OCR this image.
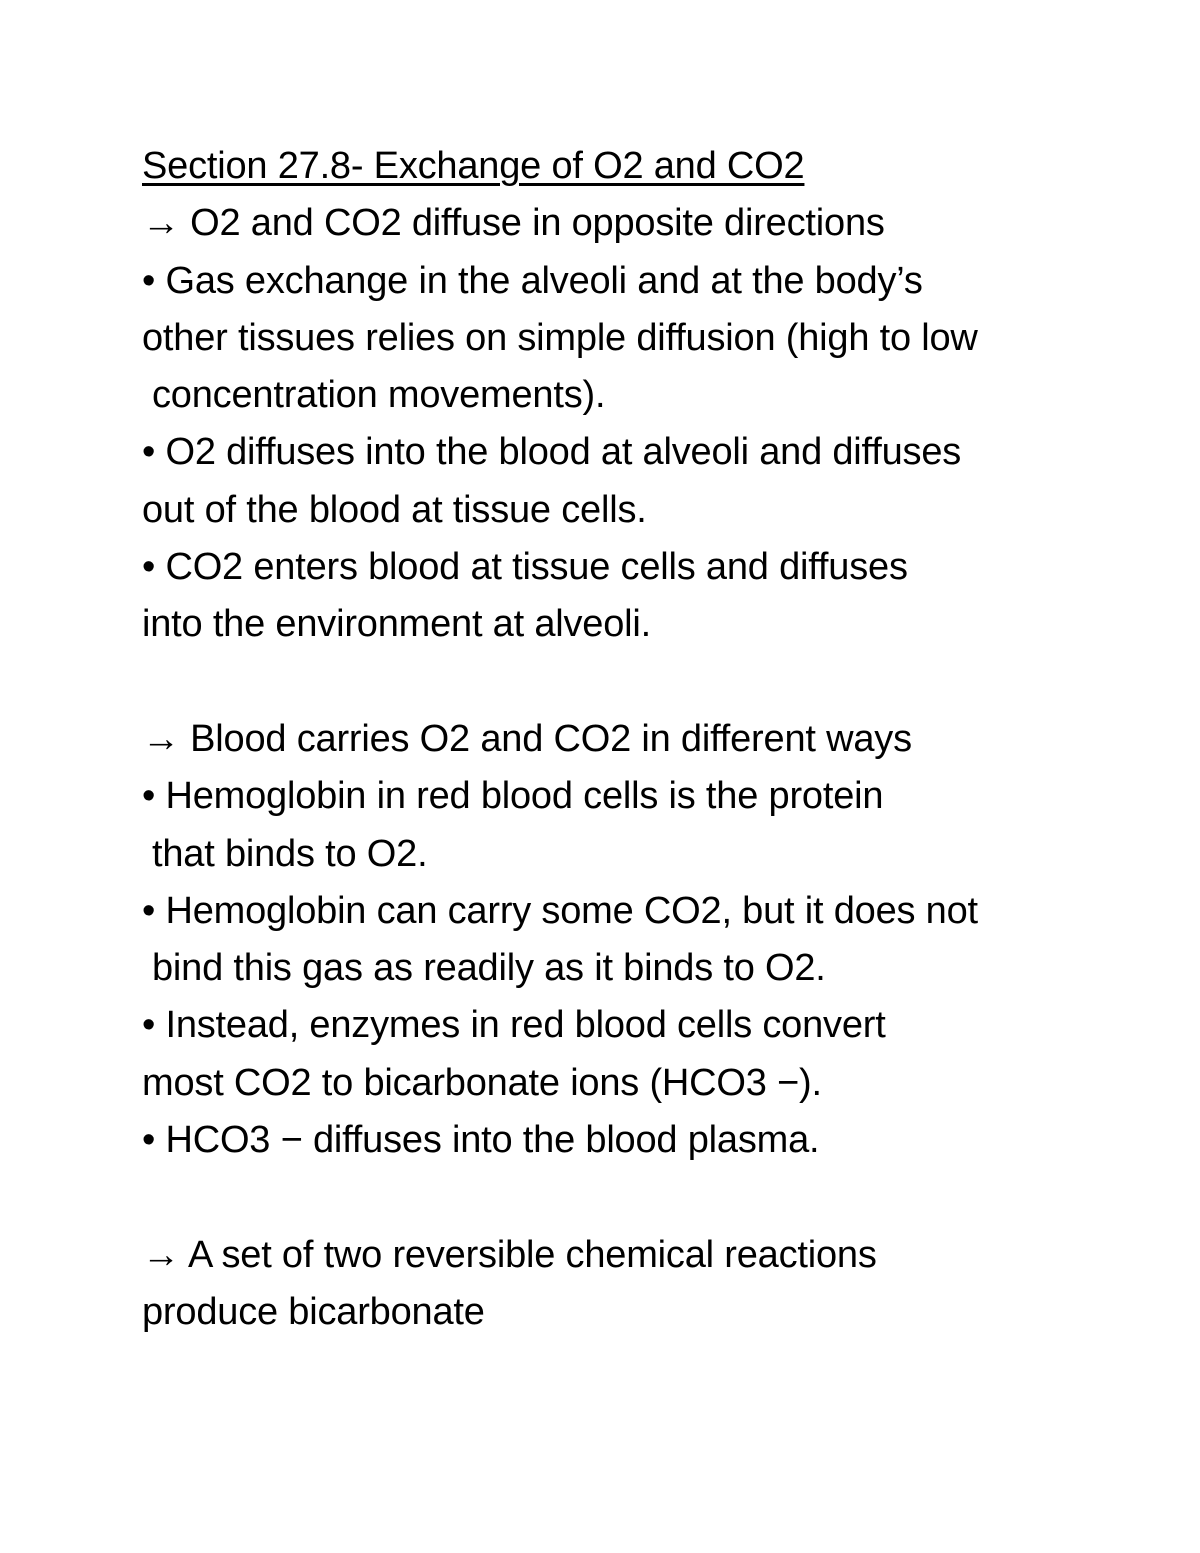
Section 27.8- Exchange of O2 and CO2
→ O2 and CO2 diffuse in opposite directions
• Gas exchange in the alveoli and at the body’s
other tissues relies on simple diffusion (high to low
concentration movements).
• O2 diffuses into the blood at alveoli and diffuses
out of the blood at tissue cells.
• CO2 enters blood at tissue cells and diffuses
into the environment at alveoli.
→ Blood carries O2 and CO2 in different ways
• Hemoglobin in red blood cells is the protein
that binds to O2.
• Hemoglobin can carry some CO2, but it does not
bind this gas as readily as it binds to O2.
• Instead, enzymes in red blood cells convert
most CO2 to bicarbonate ions (HCO3 −).
• HCO3 − diffuses into the blood plasma.
→ A set of two reversible chemical reactions
produce bicarbonate
